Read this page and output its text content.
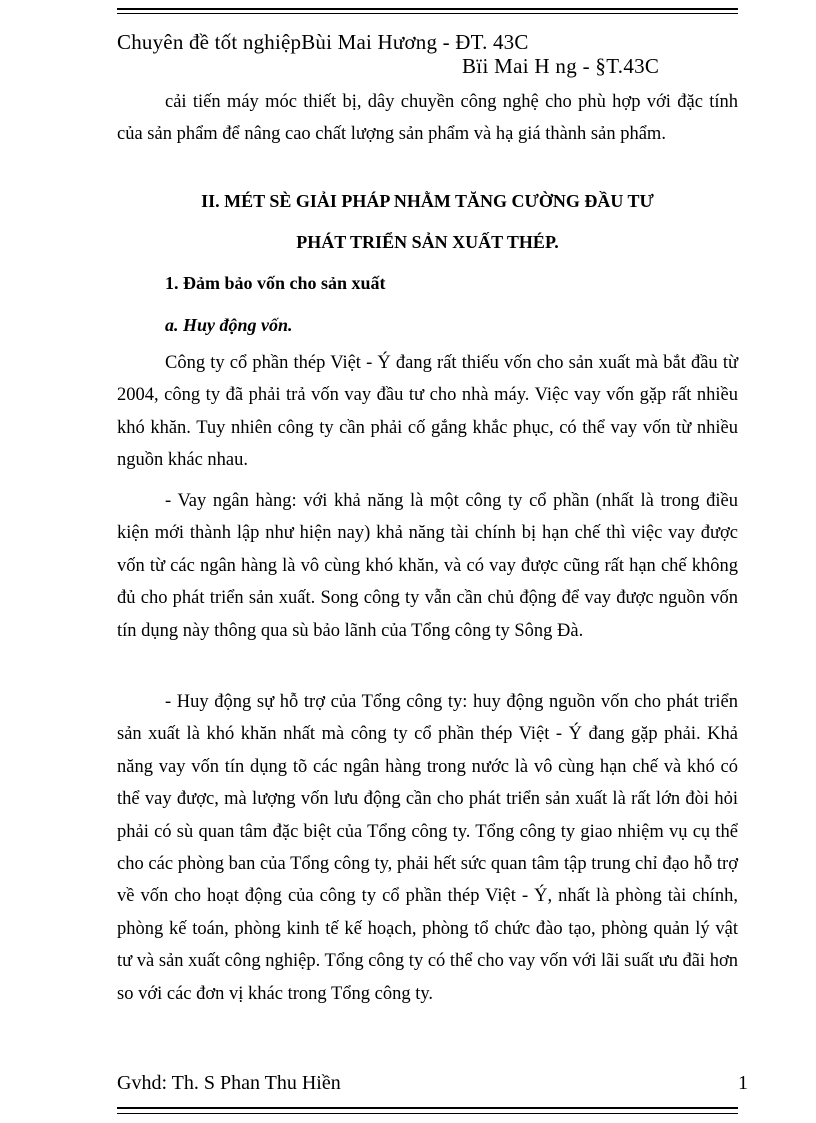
Chuyên đề tốt nghiệpBùi Mai Hương - ĐT. 43C
Bïi Mai H ng - §T.43C

cải tiến máy móc thiết bị, dây chuyền công nghệ cho phù hợp với đặc tính của sản phẩm để nâng cao chất lượng sản phẩm và hạ giá thành sản phẩm.

II. MÉT SÈ GIẢI PHÁP NHẰM TĂNG CƯỜNG ĐẦU TƯ

PHÁT TRIỂN SẢN XUẤT THÉP.

1. Đảm bảo vốn cho sản xuất

a. Huy động vốn.

Công ty cổ phần thép Việt - Ý đang rất thiếu vốn cho sản xuất mà bắt đầu từ 2004, công ty đã phải trả vốn vay đầu tư cho nhà máy. Việc vay vốn gặp rất nhiều khó khăn. Tuy nhiên công ty cần phải cố gắng khắc phục, có thể vay vốn từ nhiều nguồn khác nhau.

- Vay ngân hàng: với khả năng là một công ty cổ phần (nhất là trong điều kiện mới thành lập như hiện nay) khả năng tài chính bị hạn chế thì việc vay được vốn từ các ngân hàng là vô cùng khó khăn, và có vay được cũng rất hạn chế không đủ cho phát triển sản xuất. Song công ty vẫn cần chủ động để vay được nguồn vốn tín dụng này thông qua sù bảo lãnh của Tổng công ty Sông Đà.

- Huy động sự hỗ trợ của Tổng công ty: huy động nguồn vốn cho phát triển sản xuất là khó khăn nhất mà công ty cổ phần thép Việt - Ý đang gặp phải. Khả năng vay vốn tín dụng tõ các ngân hàng trong nước là vô cùng hạn chế và khó có thể vay được, mà lượng vốn lưu động cần cho phát triển sản xuất là rất lớn đòi hỏi phải có sù quan tâm đặc biệt của Tổng công ty. Tổng công ty giao nhiệm vụ cụ thể cho các phòng ban của Tổng công ty, phải hết sức quan tâm tập trung chỉ đạo hỗ trợ về vốn cho hoạt động của công ty cổ phần thép Việt - Ý, nhất là phòng tài chính, phòng kế toán, phòng kinh tế kế hoạch, phòng tổ chức đào tạo, phòng quản lý vật tư và sản xuất công nghiệp. Tổng công ty có thể cho vay vốn với lãi suất ưu đãi hơn so với các đơn vị khác trong Tổng công ty.

Gvhd: Th. S Phan Thu Hiền	1
